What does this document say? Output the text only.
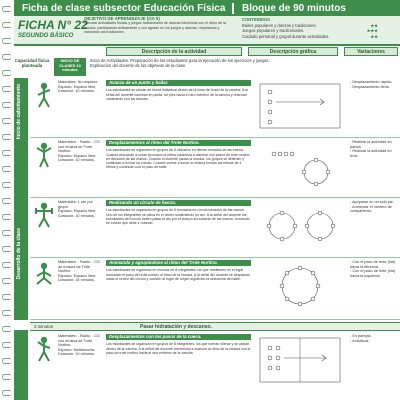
Ficha de clase subsector Educación Física	Bloque de 90 minutos
FICHA N° 22
SEGUNDO BÁSICO
OBJETIVO DE APRENDIZAJE (OA 5)
Ejecutar actividades físicas y juegos tradicionales de danzas folclóricas con el ritmo de la música, participando activamente y con agrado en los juegos y danzas, respetando y valorando las tradiciones.
CONTENIDOS
Bailes populares y danzas y tradiciones.	★★
Juegos populares y tradicionales.	★★★
Cuidado personal y grupal durante actividades.	★★
Descripción de la actividad	Descripción gráfica	Variaciones
Capacidad física planteada
INICIO DE CLASES 10 minutos
Inicio de Actividades. Preparación de los estudiantes para la ejecución de los ejercicios y juegos. Explicación del docente de los objetivos de la clase.
Inicio de calentamiento
Desarrollo de la clase
Materiales: No requiere.
Espacio: Espacio libre.
Duración: 10 minutos.
Avanza de un punto y bailar.
Los estudiantes se ubican en forma individual dentro de la línea de fondo de la cancha. A la señal del docente caminan en punta, de pies hacia el otro extremo de la cancha y retornan caminando con los talones.
- Desplazamiento rápido.
- Desplazamiento lento.
Materiales: - Radio. - CD con música de Trote Nortino.
Espacio: Espacio libre.
Duración: 10 minutos.
Desplazamientos al ritmo del Trote Nortino.
Los estudiantes se organizan en grupos de 5 ubicados en hileras tomados de las manos. Cuando escuchan a sonar la música la hilera comienza a caminar con pasos de trote nortino en dirección de las manos. Cuando el docente pausa la música, los grupos se detienen y continúan a formar un círculo. Cuando vuelve a sonar la música forman las hileras de 4 ritmos y continúan con el paso de baile.
- Realizar la actividad en pareja.
- Realizar la actividad en tríos.
Materiales: 1 aro por grupo.
Espacio: Espacio libre.
Duración: 10 minutos.
Realizando un círculo de fuerza.
Los estudiantes se organizan en grupos de 5 formados en círculo tomados de las manos. Uno de los integrantes se ubica en el centro sosteniendo un aro. A la señal del docente los estudiantes del círculo deben pasar el aro por el cuerpo sin soltarse de las manos, formando un círculo que debe ir rotando.
- Apoyarse en un solo pie.
- Aumentar el número de compañeros.
Materiales: - Radio. - CD de música de Trote Nortino.
Espacio: Espacio libre.
Duración: 15 minutos.
Animando y agrupándose al ritmo del Trote Nortino.
Los estudiantes se organizan en círculos de 8 integrantes, los que mantienen en el lugar marcando el paso del trote nortino al ritmo de la música. A la señal del docente se desplazan hacia el centro del círculo y vuelven al lugar de origen siguiendo la secuencia del baile.
- Con el paso de trote (ida) hacia la derecha.
- Con el paso de trote (ida) hacia la izquierda.
3 minutos	Pasar hidratación y descanso.
Materiales: - Radio. - CD con música de Trote Nortino.
Espacio: Multicancha.
Duración: 15 minutos.
Desplazamientos con los pasos de la cueca.
Los estudiantes se organizan en grupos de 8 integrantes, los que forman hileras y se ubican dentro de la cancha. A la señal del docente comienzan a avanzar al ritmo de la música con el paso de trote nortino hacia el otro extremo de la cancha.
- En parejas.
- Individual.
